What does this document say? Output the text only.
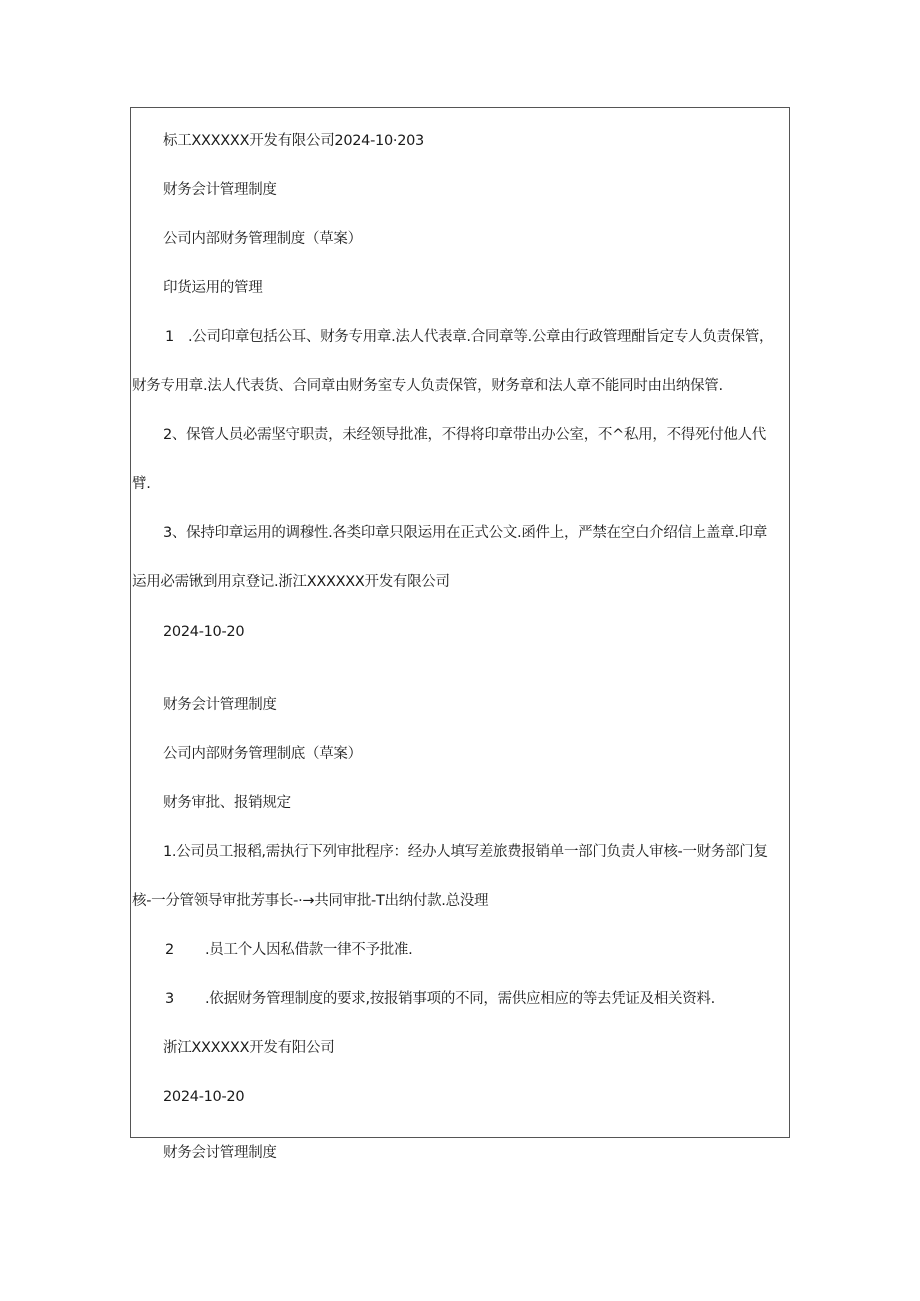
标工XXXXXX开发有限公司2024-10·203
财务会计管理制度
公司内部财务管理制度（草案）
印货运用的管理
1 .公司印章包括公耳、财务专用章.法人代表章.合同章等.公章由行政管理酣旨定专人负责保管，
财务专用章.法人代表货、合同章由财务室专人负责保管，财务章和法人章不能同时由出纳保管.
2、保管人员必需坚守职责，未经领导批准，不得将印章带出办公室，不^私用，不得死付他人代
臂.
3、保持印章运用的调穆性.各类印章只限运用在正式公文.函件上，严禁在空白介绍信上盖章.印章
运用必需锹到用京登记.浙江XXXXXX开发有限公司
2024-10-20
财务会计管理制度
公司内部财务管理制底（草案）
财务审批、报销规定
1.公司员工报稻,需执行下列审批程序：经办人填写差旅费报销单一部门负责人审核-一财务部门复
核-一分管领导审批芳事长-·→共同审批-T出纳付款.总没理
2 .员工个人因私借款一律不予批准.
3 .依据财务管理制度的要求,按报销事项的不同，需供应相应的等去凭证及相关资料.
浙江XXXXXX开发有阳公司
2024-10-20
财务会讨管理制度
